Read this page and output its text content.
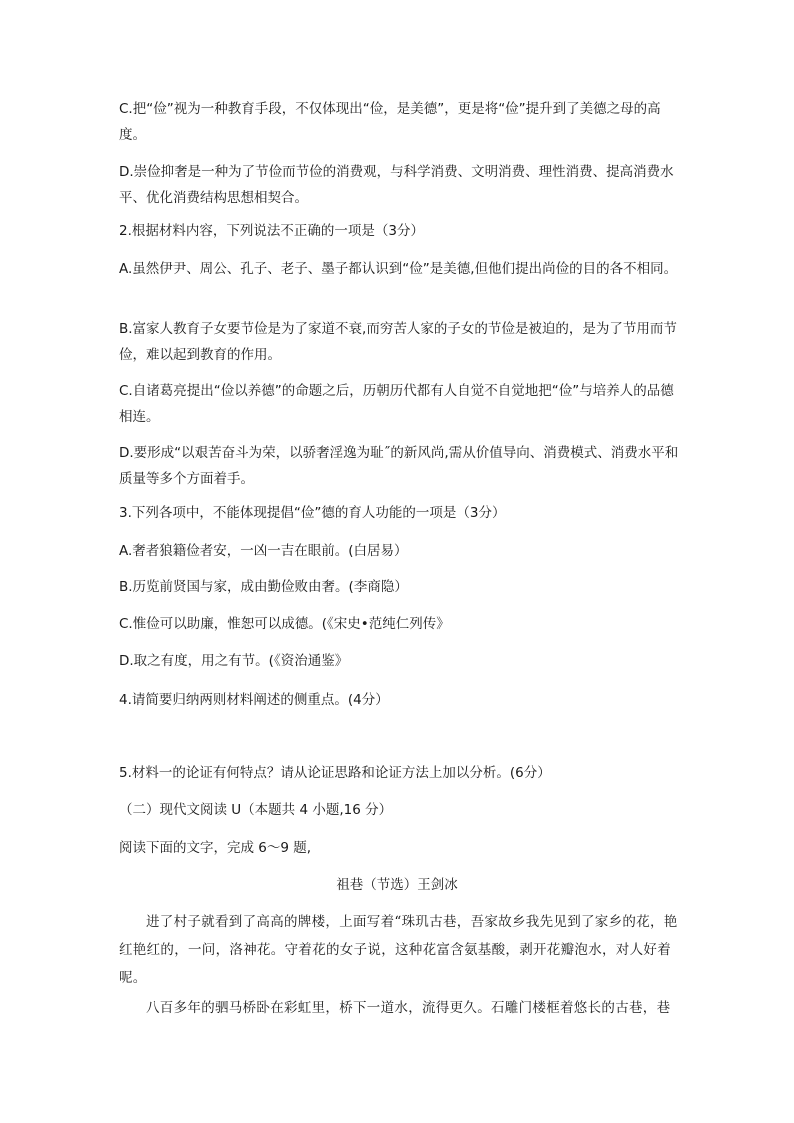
C.把“俭”视为一种教育手段，不仅体现出“俭，是美德”，更是将“俭”提升到了美德之母的高度。
D.崇俭抑奢是一种为了节俭而节俭的消费观，与科学消费、文明消费、理性消费、提高消费水平、优化消费结构思想相契合。
2.根据材料内容，下列说法不正确的一项是（3分）
A.虽然伊尹、周公、孔子、老子、墨子都认识到“俭”是美德,但他们提出尚俭的目的各不相同。
B.富家人教育子女要节俭是为了家道不衰,而穷苦人家的子女的节俭是被迫的，是为了节用而节俭，难以起到教育的作用。
C.自诸葛亮提出“俭以养德”的命题之后，历朝历代都有人自觉不自觉地把“俭”与培养人的品德相连。
D.要形成“以艰苦奋斗为荣，以骄奢淫逸为耻˝的新风尚,需从价值导向、消费模式、消费水平和质量等多个方面着手。
3.下列各项中，不能体现提倡“俭”德的育人功能的一项是（3分）
A.奢者狼籍俭者安，一凶一吉在眼前。(白居易）
B.历览前贤国与家，成由勤俭败由奢。(李商隐）
C.惟俭可以助廉，惟恕可以成德。(《宋史•范纯仁列传》
D.取之有度，用之有节。(《资治通鉴》
4.请简要归纳两则材料阐述的侧重点。(4分）
5.材料一的论证有何特点？请从论证思路和论证方法上加以分析。(6分）
（二）现代文阅读 U（本题共 4 小题,16 分）
阅读下面的文字，完成 6～9 题,
祖巷（节选）王剑冰
进了村子就看到了高高的牌楼，上面写着“珠玑古巷，吾家故乡我先见到了家乡的花，艳红艳红的，一问，洛神花。守着花的女子说，这种花富含氨基酸，剥开花瓣泡水，对人好着呢。
八百多年的驷马桥卧在彩虹里，桥下一道水，流得更久。石雕门楼框着悠长的古巷，巷
